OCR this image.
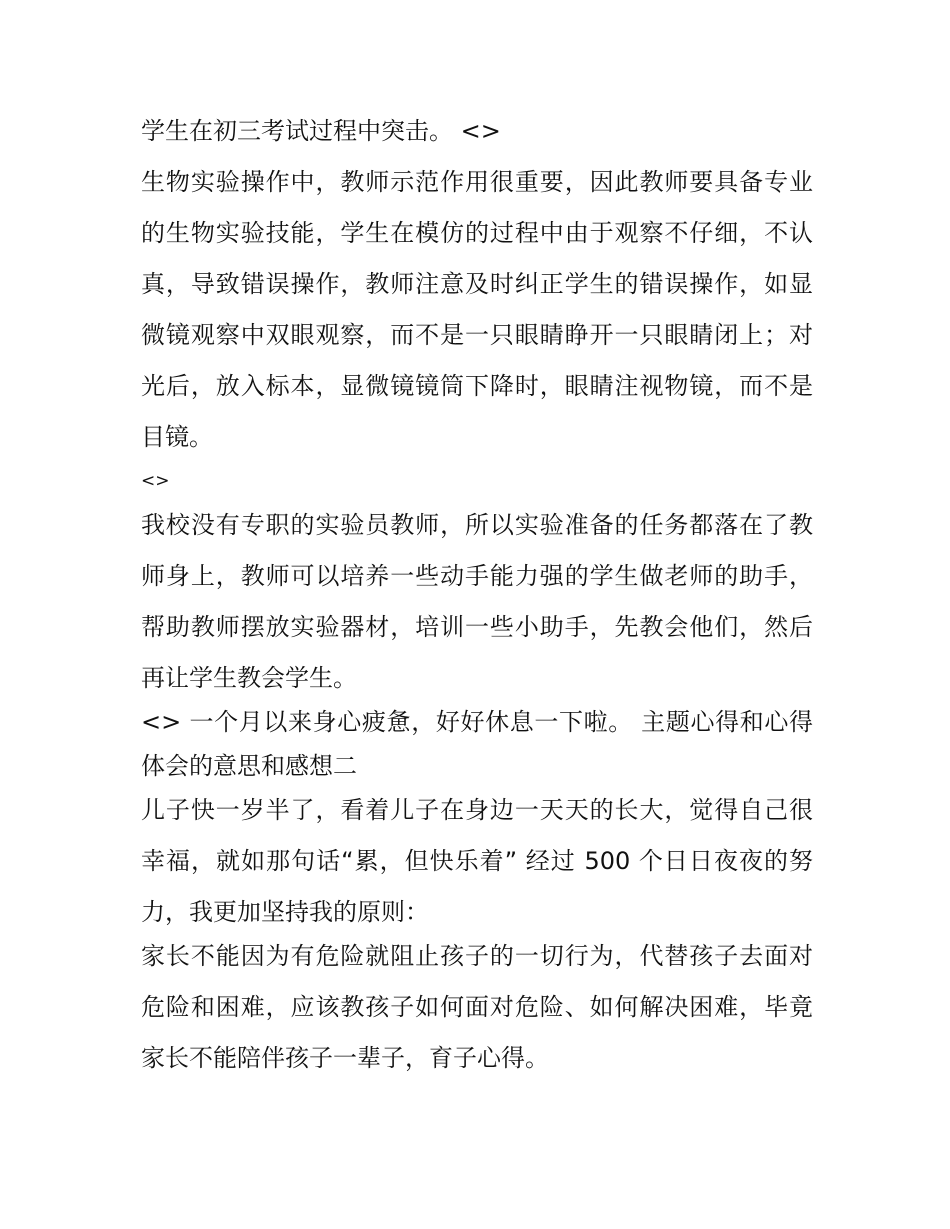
学生在初三考试过程中突击。 <>
生物实验操作中，教师示范作用很重要，因此教师要具备专业
的生物实验技能，学生在模仿的过程中由于观察不仔细，不认
真，导致错误操作，教师注意及时纠正学生的错误操作，如显
微镜观察中双眼观察，而不是一只眼睛睁开一只眼睛闭上；对
光后，放入标本，显微镜镜筒下降时，眼睛注视物镜，而不是
目镜。
<>
我校没有专职的实验员教师，所以实验准备的任务都落在了教
师身上，教师可以培养一些动手能力强的学生做老师的助手，
帮助教师摆放实验器材，培训一些小助手，先教会他们，然后
再让学生教会学生。
<> 一个月以来身心疲惫，好好休息一下啦。 主题心得和心得
体会的意思和感想二
儿子快一岁半了，看着儿子在身边一天天的长大，觉得自己很
幸福，就如那句话“累，但快乐着” 经过 500 个日日夜夜的努
力，我更加坚持我的原则：
家长不能因为有危险就阻止孩子的一切行为，代替孩子去面对
危险和困难，应该教孩子如何面对危险、如何解决困难，毕竟
家长不能陪伴孩子一辈子，育子心得。
